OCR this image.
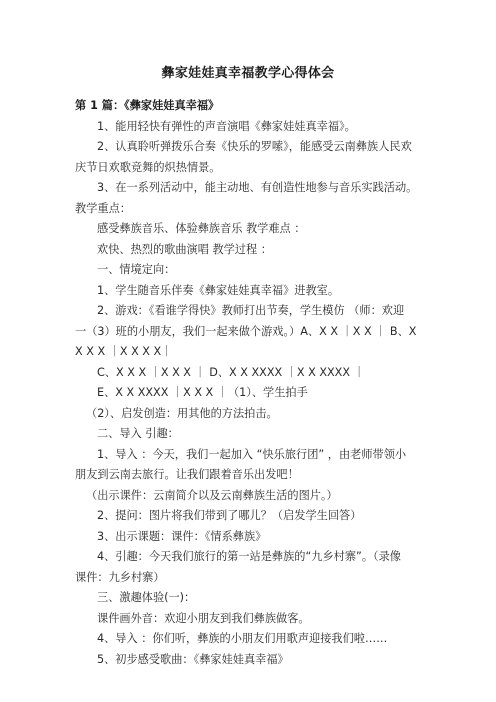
彝家娃娃真幸福教学心得体会
第 1 篇：《彝家娃娃真幸福》
1、能用轻快有弹性的声音演唱《彝家娃娃真幸福》。
2、认真聆听弹拨乐合奏《快乐的罗嗦》，能感受云南彝族人民欢
庆节日欢歌竞舞的炽热情景。
3、在一系列活动中，能主动地、有创造性地参与音乐实践活动。
教学重点：
感受彝族音乐、体验彝族音乐 教学难点 ：
欢快、热烈的歌曲演唱 教学过程 ：
一、情境定向：
1、学生随音乐伴奏《彝家娃娃真幸福》进教室。
2、游戏：《看谁学得快》教师打出节奏，学生模仿 （师：欢迎
一（3）班的小朋友，我们一起来做个游戏。）A、X X ｜X X ｜ B、X
X X X ｜X X X X｜
C、X X X ｜X X X ｜ D、X X XXXX ｜X X XXXX ｜
E、X X XXXX ｜X X X ｜（1）、学生拍手
（2）、启发创造：用其他的方法拍击。
二、导入 引趣：
1、导入 ：今天，我们一起加入 “快乐旅行团” ，由老师带领小
朋友到云南去旅行。让我们跟着音乐出发吧！
（出示课件：云南简介以及云南彝族生活的图片。）
2、提问：图片将我们带到了哪儿？（启发学生回答）
3、出示课题：课件：《情系彝族》
4、引趣：今天我们旅行的第一站是彝族的“九乡村寨”。（录像
课件：九乡村寨）
三、激趣体验(一)：
课件画外音：欢迎小朋友到我们彝族做客。
4、导入 ：你们听，彝族的小朋友们用歌声迎接我们啦……
5、初步感受歌曲：《彝家娃娃真幸福》
